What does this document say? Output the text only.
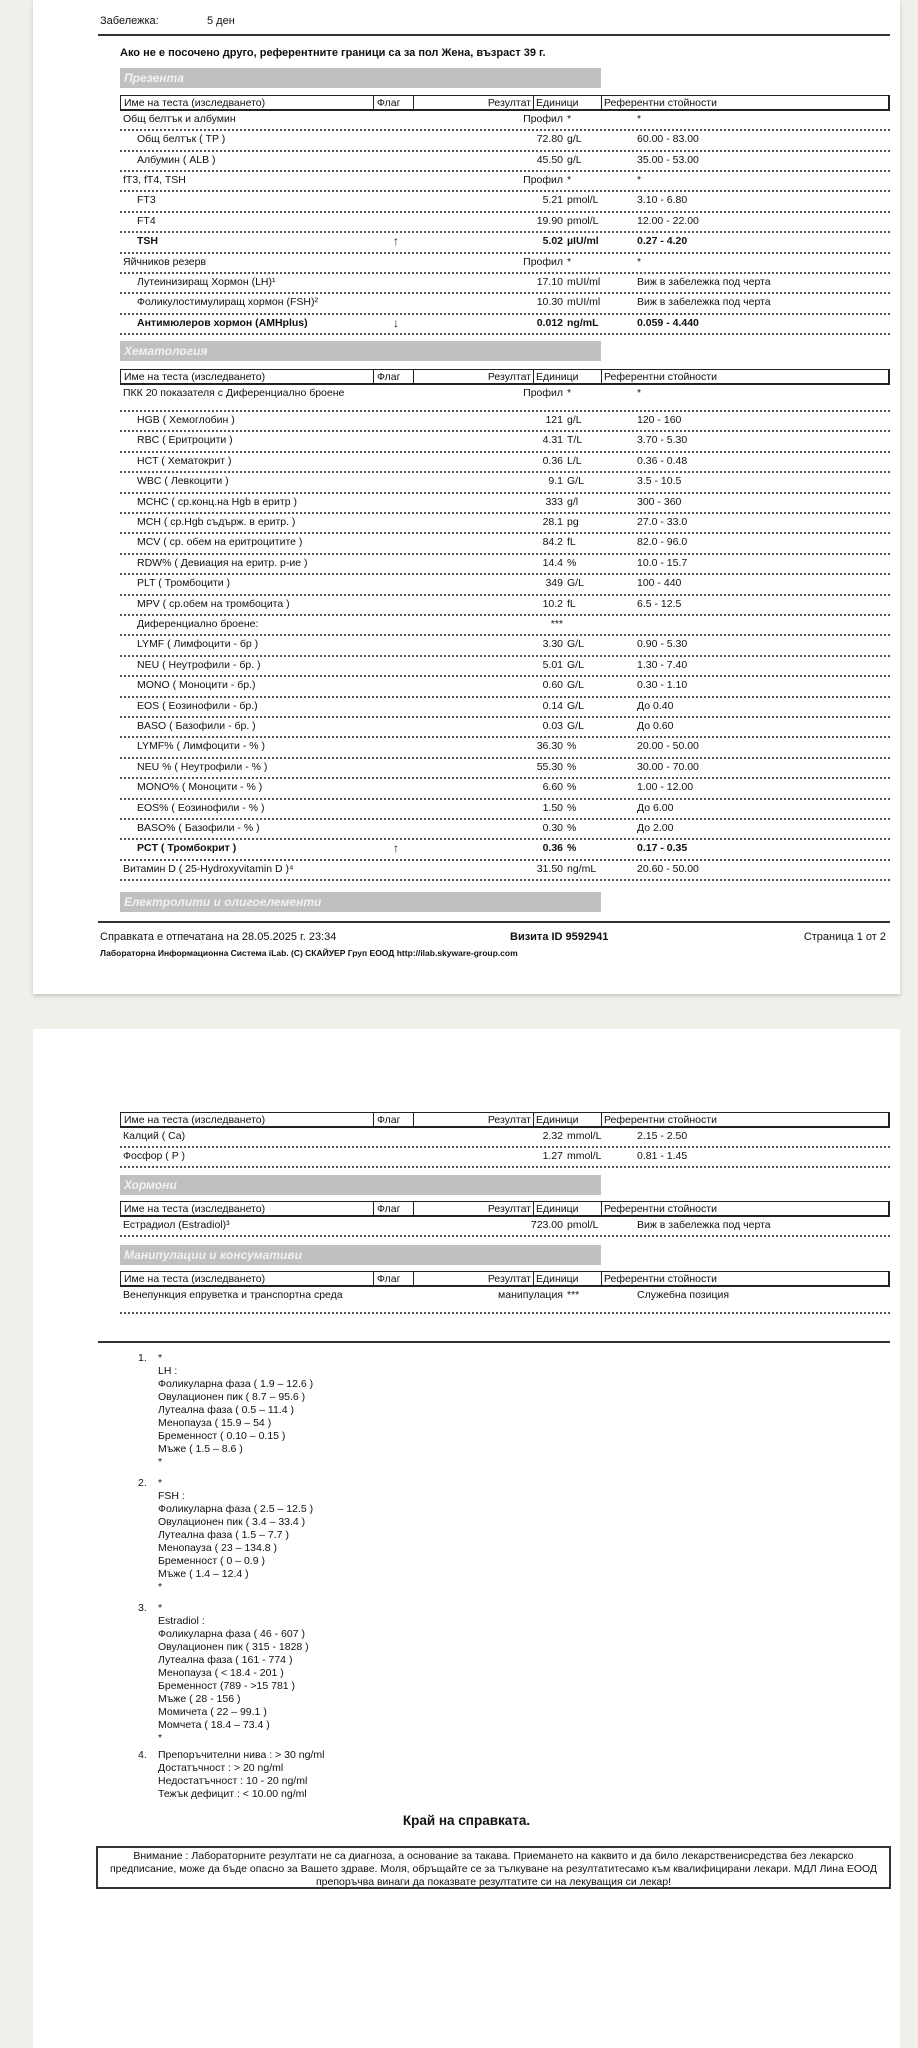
Забележка:	5 ден
Ако не е посочено друго, референтните граници са за пол Жена, възраст 39 г.
Презента
Име на теста (изследването)	Флаг	Резултат Единици	Референтни стойности
Общ белтък и албумин	Профил *	*
Общ белтък ( TP )	72.80 g/L	60.00 - 83.00
Албумин ( ALB )	45.50 g/L	35.00 - 53.00
fT3, fT4, TSH	Профил *	*
FT3	5.21 pmol/L	3.10 - 6.80
FT4	19.90 pmol/L	12.00 - 22.00
TSH	↑	5.02 µIU/ml	0.27 - 4.20
Яйчников резерв	Профил *	*
Лутеинизиращ Хормон (LH)¹	17.10 mUI/ml	Виж в забележка под черта
Фоликулостимулиращ хормон (FSH)²	10.30 mUI/ml	Виж в забележка под черта
Антимюлеров хормон (AMHplus)	↓	0.012 ng/mL	0.059 - 4.440
Хематология
Име на теста (изследването)	Флаг	Резултат Единици	Референтни стойности
ПКК 20 показателя с Диференциално броене	Профил *	*
HGB ( Хемоглобин )	121 g/L	120 - 160
RBC ( Еритроцити )	4.31 T/L	3.70 - 5.30
HCT ( Хематокрит )	0.36 L/L	0.36 - 0.48
WBC ( Левкоцити )	9.1 G/L	3.5 - 10.5
MCHC ( ср.конц.на Hgb в еритр )	333 g/l	300 - 360
MCH ( ср.Hgb съдърж. в еритр. )	28.1 pg	27.0 - 33.0
MCV ( ср. обем на еритроцитите )	84.2 fL	82.0 - 96.0
RDW% ( Девиация на еритр. р-ие )	14.4 %	10.0 - 15.7
PLT ( Тромбоцити )	349 G/L	100 - 440
MPV ( ср.обем на тромбоцита )	10.2 fL	6.5 - 12.5
Диференциално броене:	***
LYMF ( Лимфоцити - бр )	3.30 G/L	0.90 - 5.30
NEU ( Неутрофили - бр. )	5.01 G/L	1.30 - 7.40
MONO ( Моноцити - бр.)	0.60 G/L	0.30 - 1.10
EOS ( Еозинофили - бр.)	0.14 G/L	До 0.40
BASO ( Базофили - бр. )	0.03 G/L	До 0.60
LYMF% ( Лимфоцити - % )	36.30 %	20.00 - 50.00
NEU % ( Неутрофили - % )	55.30 %	30.00 - 70.00
MONO% ( Моноцити - % )	6.60 %	1.00 - 12.00
EOS% ( Еозинофили - % )	1.50 %	До 6.00
BASO% ( Базофили - % )	0.30 %	До 2.00
PCT ( Тромбокрит )	↑	0.36 %	0.17 - 0.35
Витамин D ( 25-Hydroxyvitamin D )⁴	31.50 ng/mL	20.60 - 50.00
Електролити и олигоелементи
Справката е отпечатана на 28.05.2025 г. 23:34	Визита ID 9592941	Страница 1 от 2
Лабораторна Информационна Система iLab. (C) СКАЙУЕР Груп ЕООД http://ilab.skyware-group.com
Име на теста (изследването)	Флаг	Резултат Единици	Референтни стойности
Калций ( Ca)	2.32 mmol/L	2.15 - 2.50
Фосфор ( P )	1.27 mmol/L	0.81 - 1.45
Хормони
Име на теста (изследването)	Флаг	Резултат Единици	Референтни стойности
Естрадиол (Estradiol)³	723.00 pmol/L	Виж в забележка под черта
Манипулации и консумативи
Име на теста (изследването)	Флаг	Резултат Единици	Референтни стойности
Венепункция епруветка и транспортна среда	манипулация ***	Служебна позиция
1. *
LH :
Фоликуларна фаза ( 1.9 – 12.6 )
Овулационен пик ( 8.7 – 95.6 )
Лутеална фаза ( 0.5 – 11.4 )
Менопауза ( 15.9 – 54 )
Бременност ( 0.10 – 0.15 )
Мъже ( 1.5 – 8.6 )
*
2. *
FSH :
Фоликуларна фаза ( 2.5 – 12.5 )
Овулационен пик ( 3.4 – 33.4 )
Лутеална фаза ( 1.5 – 7.7 )
Менопауза ( 23 – 134.8 )
Бременност ( 0 – 0.9 )
Мъже ( 1.4 – 12.4 )
*
3. *
Estradiol :
Фоликуларна фаза ( 46 - 607 )
Овулационен пик ( 315 - 1828 )
Лутеална фаза ( 161 - 774 )
Менопауза ( < 18.4 - 201 )
Бременност (789 - >15 781 )
Мъже ( 28 - 156 )
Момичета ( 22 – 99.1 )
Момчета ( 18.4 – 73.4 )
*
4. Препоръчителни нива : > 30 ng/ml
Достатъчност : > 20 ng/ml
Недостатъчност : 10 - 20 ng/ml
Тежък дефицит : < 10.00 ng/ml
Край на справката.
Внимание : Лабораторните резултати не са диагноза, а основание за такава. Приемането на каквито и да било лекарственисредства без лекарско предписание, може да бъде опасно за Вашето здраве. Моля, обръщайте се за тълкуване на резултатитесамо към квалифицирани лекари. МДЛ Лина ЕООД препоръчва винаги да показвате резултатите си на лекуващия си лекар!
